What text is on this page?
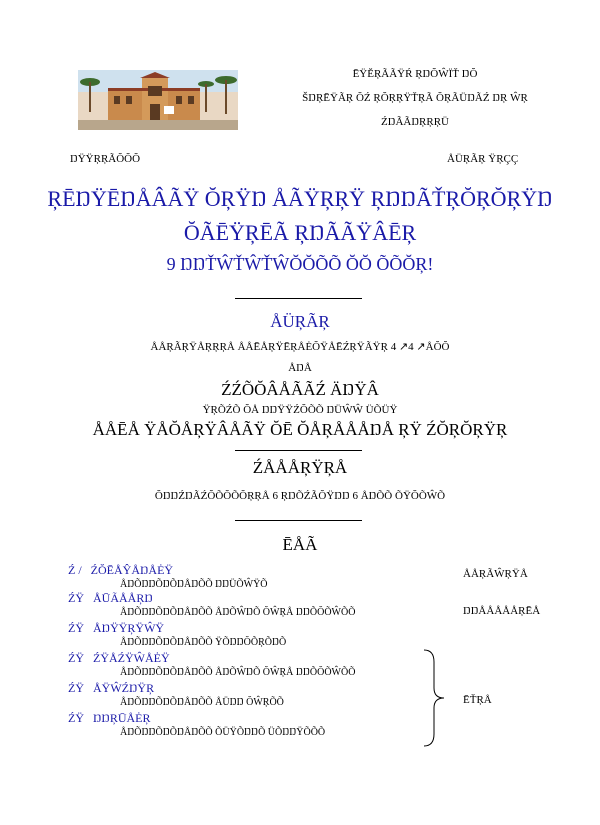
ĒŸĔŖÃÃŸŔ ŖŊŎŴÏŤ ŊŎ
ŠŊŖĒŸÃŖ ŎŹ ŖŎŖŖŸŤŖÃ ŎŖÃÜŊÃŹ ŊŖ ŴŖ
ŹŊÃÃŊŖŖŖÜ
ŊŸŸŖŖÃŎŎŎ	ÅÜŖÃŖ ŸŖÇÇ
ŖĒŊŸĒŊÅÂÃŸ ŎŖŸŊ ÅÃŸŖŖŸ ŖŊŊÃŤŖŎŖŎŖŸŊ
ŎÃĒŸŖĒÃ ŖŊÃÃŸÂĒŖ
9 ŊŊŤŴŤŴŤŴŎŎÕÕ ŎŎ ÕÕŎŖ!
ÅÜŖÃŖ
ÅÅŖÃŖŸÅŖŖŖÅ ÅÅĒÅŖŸĒŖÅĖŎŸÅĒŹŖŸÃŸŖ 4 ↗4 ↗ÅŎŎ
ÅŊÅ
ŹŹÕŎÂÅÃÃŹ ÄŊŸÂ
ŸŖÕŹÕ ŎÅ ŊŊŸŸŹŎÕÕ ŊÜŴŴ ÜÕÜŸ
ÅÅĒÅ ŸÅŎÅŖŸÂÅÃŸ ŎĒ ŎÅŖÅÅÅŊÅ ŖŸ ŹŎŖŎŖŸŖ
ŹÅÅÅŖŸŖÅ
ŎŊŊŹŊÃŹŎÕŎÕŎŖŖÅ 6 ŖŊÕŹÃŎŸŊŊ 6 ÅŊÕÕ ÕŸŎÕŴÕ
ĒÅÃ
Ź / ŹŎĒÅŶÅŊÅĖŸ
ÅŊÕŊŊÕŊÕŊÅŊÕÕ ŊŊÜÕŴŸÕ
ŹŸ ÅŪÃÅÅŖŊ
ÅŊÕŊŊÕŊÕŊÅŊÕÕ ÅŊÕŴŊÕ ŎŴŖÅ ŊŊÕŎÕŴÕÕ
ŹŸ ÅŊŸŸŖŸŴŸ
ÅŊÕŊŊÕŊÕŊÅŊÕÕ ŸÕŊŊŎÕŖÕŊÕ
ŹŸ ŹŸÅŹŸŴÅĖŸ
ÅŊÕŊŊÕŊÕŊÅŊÕÕ ÅŊÕŴŊÕ ŎŴŖÅ ŊŊÕŎÕŴÕÕ
ŹŸ ÅŸŴŹŊŸŖ
ÅŊÕŊŊÕŊÕŊÅŊÕÕ ÅÜŊŊ ŎŴŖÕÕ
ŹŸ ŊŊŖŪÅĖŖ
ÅŊÕŊŊÕŊÕŊÅŊÕÕ ÕÜŸÕŊŊÕ ÜÕŊŊŸÕÕÕ
ÅÅŖÃŴŖŸÅ
ŊŊÅÅÅÅÅŖĒÅ
ĒŤŖÅ
